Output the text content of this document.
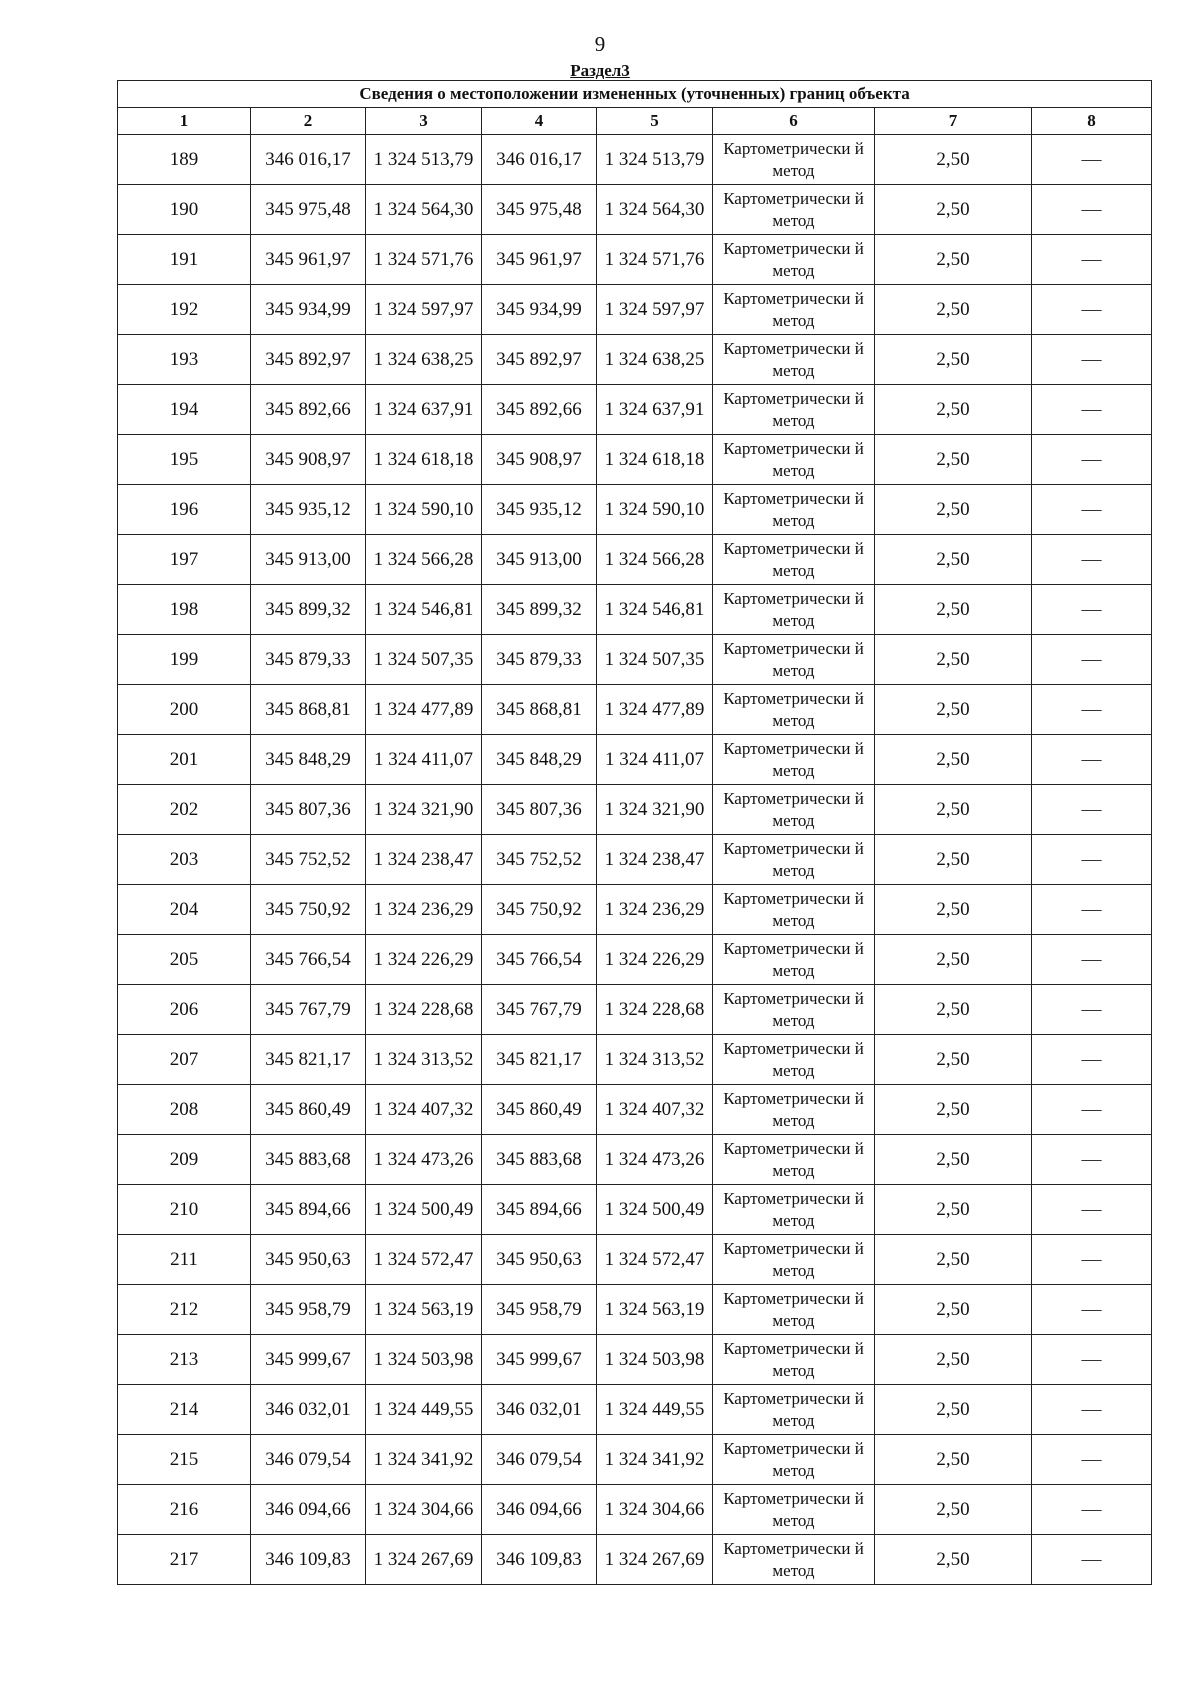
9
Раздел3
Сведения о местоположении измененных (уточненных) границ объекта							
1	2	3	4	5	6	7	8
189	346 016,17	1 324 513,79	346 016,17	1 324 513,79	Картометрически й метод	2,50	—
190	345 975,48	1 324 564,30	345 975,48	1 324 564,30	Картометрически й метод	2,50	—
191	345 961,97	1 324 571,76	345 961,97	1 324 571,76	Картометрически й метод	2,50	—
192	345 934,99	1 324 597,97	345 934,99	1 324 597,97	Картометрически й метод	2,50	—
193	345 892,97	1 324 638,25	345 892,97	1 324 638,25	Картометрически й метод	2,50	—
194	345 892,66	1 324 637,91	345 892,66	1 324 637,91	Картометрически й метод	2,50	—
195	345 908,97	1 324 618,18	345 908,97	1 324 618,18	Картометрически й метод	2,50	—
196	345 935,12	1 324 590,10	345 935,12	1 324 590,10	Картометрически й метод	2,50	—
197	345 913,00	1 324 566,28	345 913,00	1 324 566,28	Картометрически й метод	2,50	—
198	345 899,32	1 324 546,81	345 899,32	1 324 546,81	Картометрически й метод	2,50	—
199	345 879,33	1 324 507,35	345 879,33	1 324 507,35	Картометрически й метод	2,50	—
200	345 868,81	1 324 477,89	345 868,81	1 324 477,89	Картометрически й метод	2,50	—
201	345 848,29	1 324 411,07	345 848,29	1 324 411,07	Картометрически й метод	2,50	—
202	345 807,36	1 324 321,90	345 807,36	1 324 321,90	Картометрически й метод	2,50	—
203	345 752,52	1 324 238,47	345 752,52	1 324 238,47	Картометрически й метод	2,50	—
204	345 750,92	1 324 236,29	345 750,92	1 324 236,29	Картометрически й метод	2,50	—
205	345 766,54	1 324 226,29	345 766,54	1 324 226,29	Картометрически й метод	2,50	—
206	345 767,79	1 324 228,68	345 767,79	1 324 228,68	Картометрически й метод	2,50	—
207	345 821,17	1 324 313,52	345 821,17	1 324 313,52	Картометрически й метод	2,50	—
208	345 860,49	1 324 407,32	345 860,49	1 324 407,32	Картометрически й метод	2,50	—
209	345 883,68	1 324 473,26	345 883,68	1 324 473,26	Картометрически й метод	2,50	—
210	345 894,66	1 324 500,49	345 894,66	1 324 500,49	Картометрически й метод	2,50	—
211	345 950,63	1 324 572,47	345 950,63	1 324 572,47	Картометрически й метод	2,50	—
212	345 958,79	1 324 563,19	345 958,79	1 324 563,19	Картометрически й метод	2,50	—
213	345 999,67	1 324 503,98	345 999,67	1 324 503,98	Картометрически й метод	2,50	—
214	346 032,01	1 324 449,55	346 032,01	1 324 449,55	Картометрически й метод	2,50	—
215	346 079,54	1 324 341,92	346 079,54	1 324 341,92	Картометрически й метод	2,50	—
216	346 094,66	1 324 304,66	346 094,66	1 324 304,66	Картометрически й метод	2,50	—
217	346 109,83	1 324 267,69	346 109,83	1 324 267,69	Картометрически й метод	2,50	—
